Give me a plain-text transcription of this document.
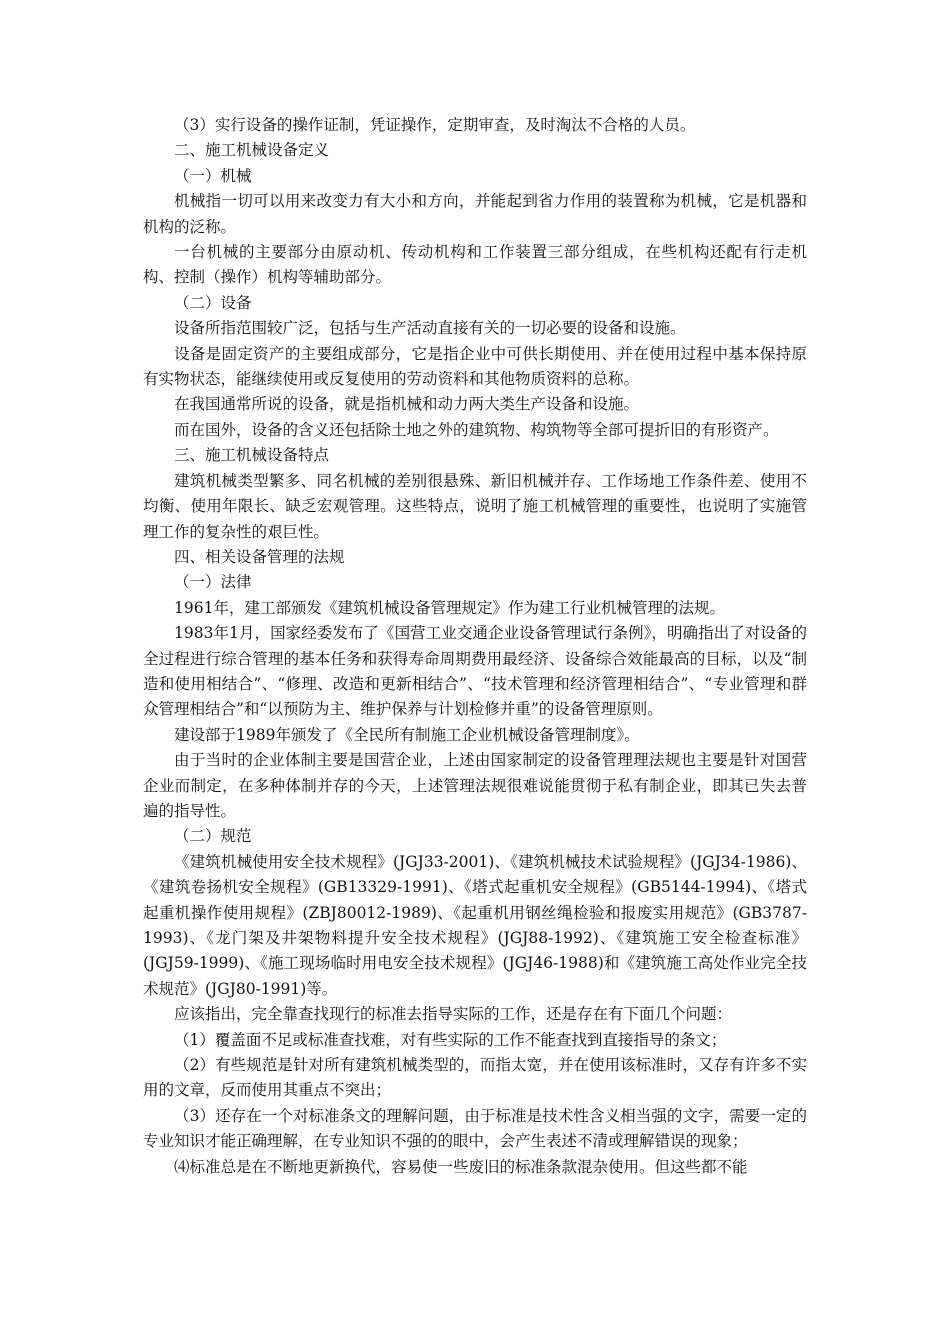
（3）实行设备的操作证制，凭证操作，定期审查，及时淘汰不合格的人员。

二、施工机械设备定义

（一）机械

机械指一切可以用来改变力有大小和方向，并能起到省力作用的装置称为机械，它是机器和机构的泛称。

一台机械的主要部分由原动机、传动机构和工作装置三部分组成，在些机构还配有行走机构、控制（操作）机构等辅助部分。

（二）设备

设备所指范围较广泛，包括与生产活动直接有关的一切必要的设备和设施。

设备是固定资产的主要组成部分，它是指企业中可供长期使用、并在使用过程中基本保持原有实物状态，能继续使用或反复使用的劳动资料和其他物质资料的总称。

在我国通常所说的设备，就是指机械和动力两大类生产设备和设施。

而在国外，设备的含义还包括除土地之外的建筑物、构筑物等全部可提折旧的有形资产。

三、施工机械设备特点

建筑机械类型繁多、同名机械的差别很悬殊、新旧机械并存、工作场地工作条件差、使用不均衡、使用年限长、缺乏宏观管理。这些特点，说明了施工机械管理的重要性，也说明了实施管理工作的复杂性的艰巨性。

四、相关设备管理的法规

（一）法律

1961年，建工部颁发《建筑机械设备管理规定》作为建工行业机械管理的法规。

1983年1月，国家经委发布了《国营工业交通企业设备管理试行条例》，明确指出了对设备的全过程进行综合管理的基本任务和获得寿命周期费用最经济、设备综合效能最高的目标，以及“制造和使用相结合”、“修理、改造和更新相结合”、“技术管理和经济管理相结合”、“专业管理和群众管理相结合”和“以预防为主、维护保养与计划检修并重”的设备管理原则。

建设部于1989年颁发了《全民所有制施工企业机械设备管理制度》。

由于当时的企业体制主要是国营企业，上述由国家制定的设备管理理法规也主要是针对国营企业而制定，在多种体制并存的今天，上述管理法规很难说能贯彻于私有制企业，即其已失去普遍的指导性。

（二）规范

《建筑机械使用安全技术规程》(JGJ33-2001)、《建筑机械技术试验规程》(JGJ34-1986)、《建筑卷扬机安全规程》(GB13329-1991)、《塔式起重机安全规程》(GB5144-1994)、《塔式起重机操作使用规程》(ZBJ80012-1989)、《起重机用钢丝绳检验和报废实用规范》(GB3787-1993)、《龙门架及井架物料提升安全技术规程》(JGJ88-1992)、《建筑施工安全检查标准》(JGJ59-1999)、《施工现场临时用电安全技术规程》(JGJ46-1988)和《建筑施工高处作业完全技术规范》(JGJ80-1991)等。

应该指出，完全靠查找现行的标准去指导实际的工作，还是存在有下面几个问题：

（1）覆盖面不足或标准查找难，对有些实际的工作不能查找到直接指导的条文；

（2）有些规范是针对所有建筑机械类型的，而指太宽，并在使用该标准时，又存有许多不实用的文章，反而使用其重点不突出；

（3）还存在一个对标准条文的理解问题，由于标准是技术性含义相当强的文字，需要一定的专业知识才能正确理解，在专业知识不强的的眼中，会产生表述不清或理解错误的现象；

⑷标准总是在不断地更新换代，容易使一些废旧的标准条款混杂使用。但这些都不能
